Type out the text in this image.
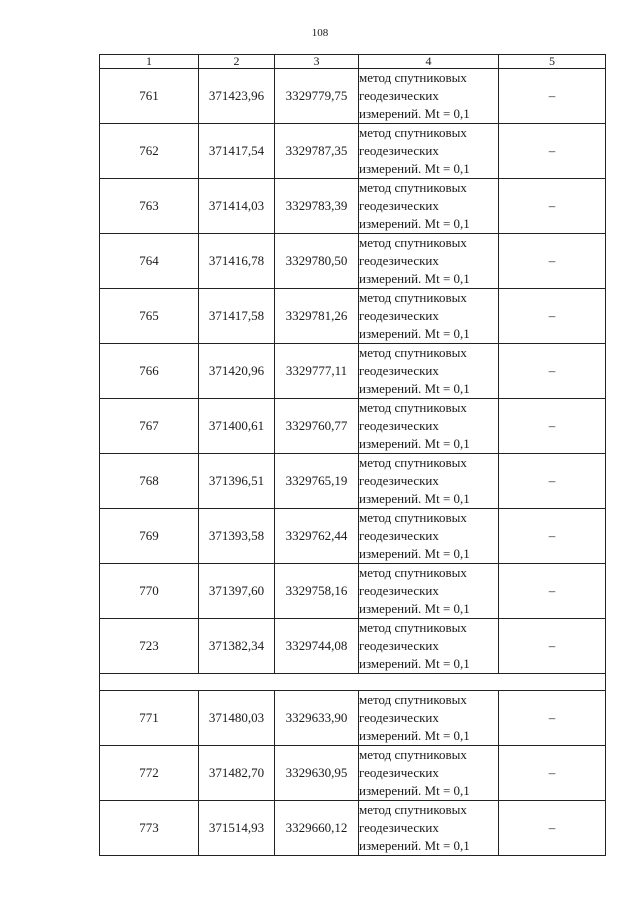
108
1	2	3	4	5
761	371423,96	3329779,75	метод спутниковых
геодезических
измерений. Mt = 0,1	–
762	371417,54	3329787,35	метод спутниковых
геодезических
измерений. Mt = 0,1	–
763	371414,03	3329783,39	метод спутниковых
геодезических
измерений. Mt = 0,1	–
764	371416,78	3329780,50	метод спутниковых
геодезических
измерений. Mt = 0,1	–
765	371417,58	3329781,26	метод спутниковых
геодезических
измерений. Mt = 0,1	–
766	371420,96	3329777,11	метод спутниковых
геодезических
измерений. Mt = 0,1	–
767	371400,61	3329760,77	метод спутниковых
геодезических
измерений. Mt = 0,1	–
768	371396,51	3329765,19	метод спутниковых
геодезических
измерений. Mt = 0,1	–
769	371393,58	3329762,44	метод спутниковых
геодезических
измерений. Mt = 0,1	–
770	371397,60	3329758,16	метод спутниковых
геодезических
измерений. Mt = 0,1	–
723	371382,34	3329744,08	метод спутниковых
геодезических
измерений. Mt = 0,1	–

771	371480,03	3329633,90	метод спутниковых
геодезических
измерений. Mt = 0,1	–
772	371482,70	3329630,95	метод спутниковых
геодезических
измерений. Mt = 0,1	–
773	371514,93	3329660,12	метод спутниковых
геодезических
измерений. Mt = 0,1	–
